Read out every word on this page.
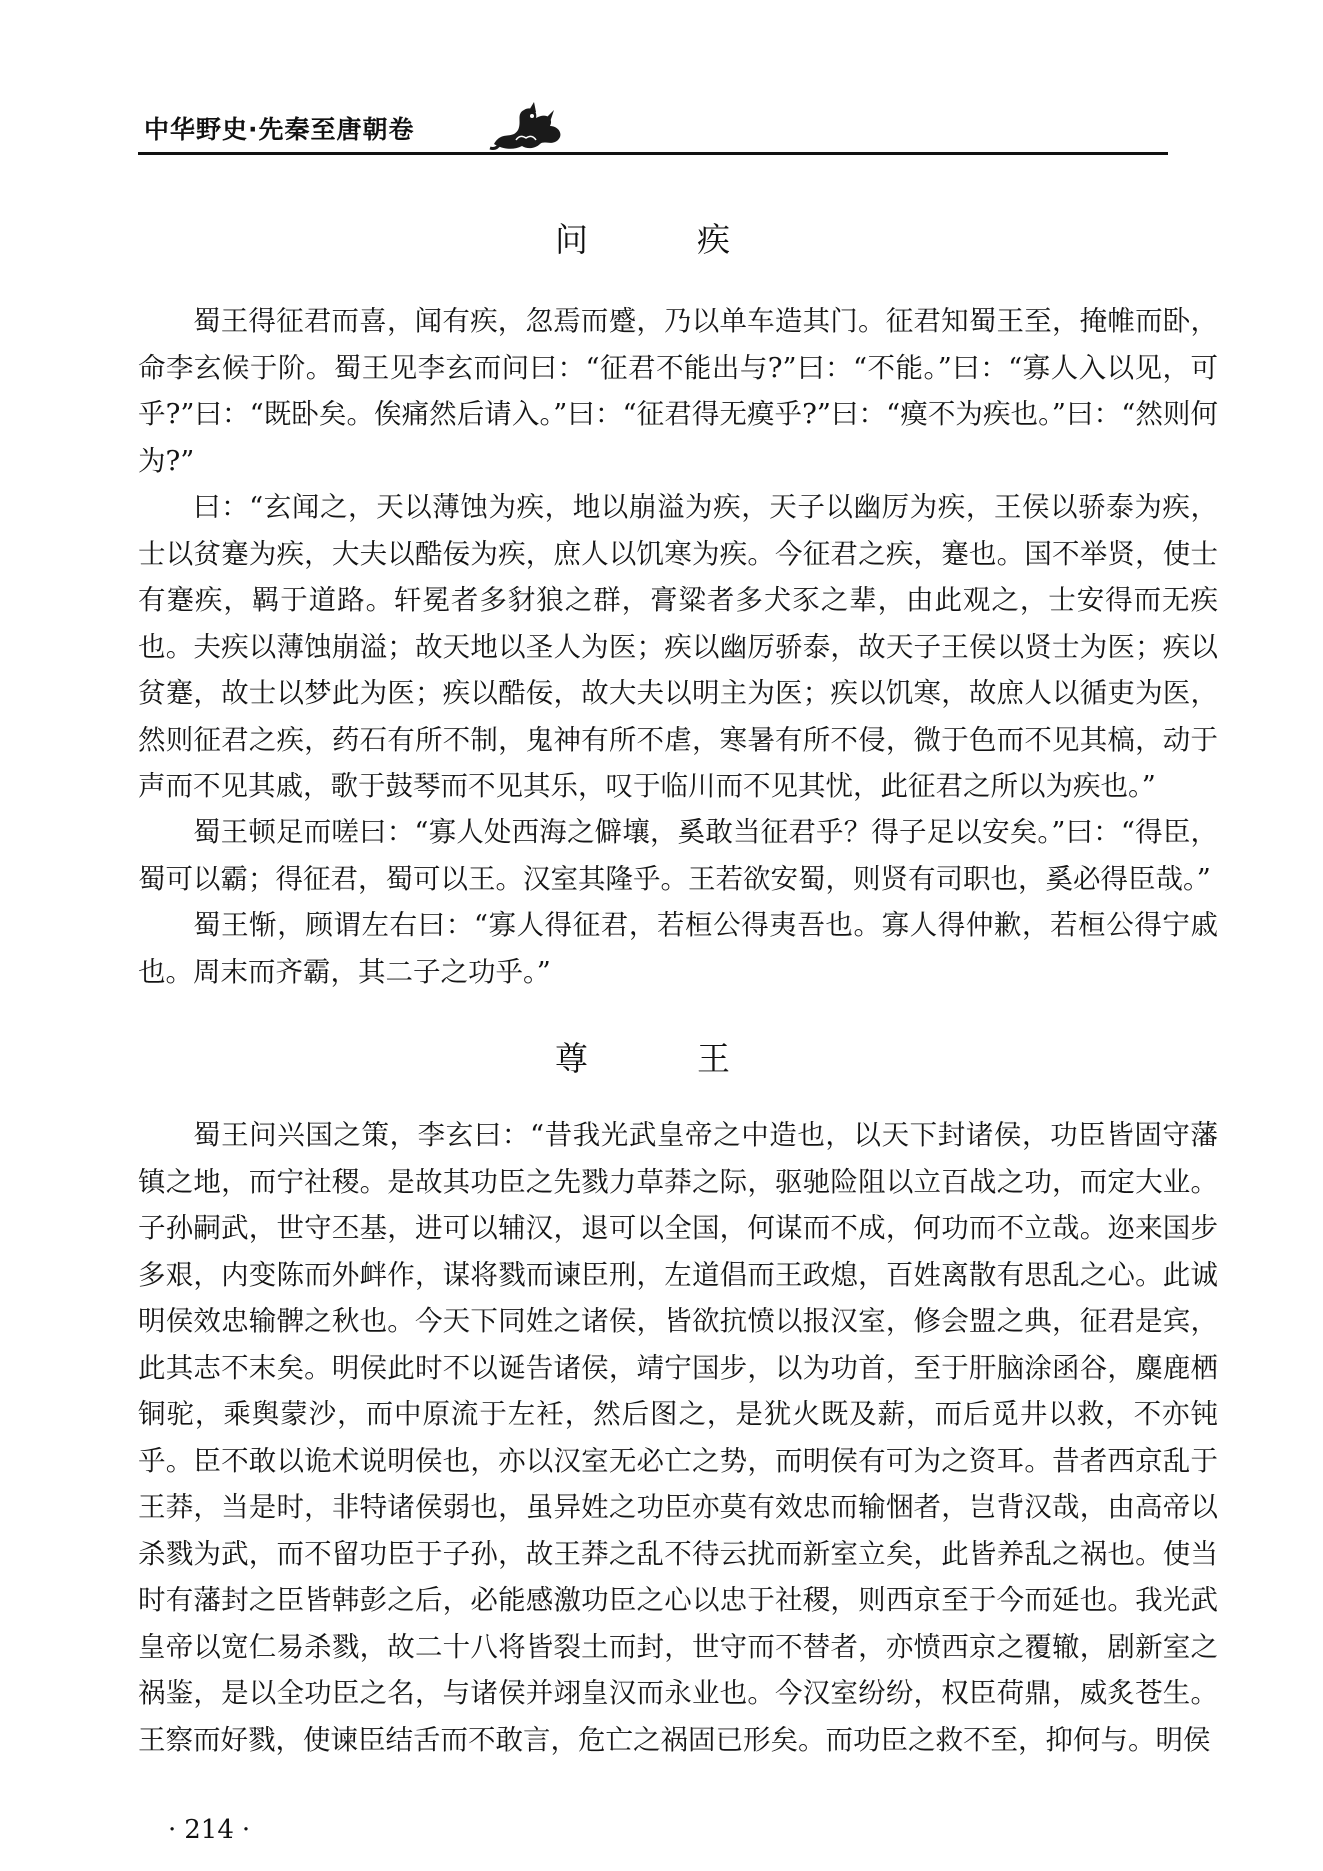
中华野史·先秦至唐朝卷
问　疾

蜀王得征君而喜，闻有疾，忽焉而蹙，乃以单车造其门。征君知蜀王至，掩帷而卧，命李玄候于阶。蜀王见李玄而问曰：“征君不能出与?”曰：“不能。”曰：“寡人入以见，可乎?”曰：“既卧矣。俟痛然后请入。”曰：“征君得无瘼乎?”曰：“瘼不为疾也。”曰：“然则何为?”

曰：“玄闻之，天以薄蚀为疾，地以崩溢为疾，天子以幽厉为疾，王侯以骄泰为疾，士以贫蹇为疾，大夫以酷佞为疾，庶人以饥寒为疾。今征君之疾，蹇也。国不举贤，使士有蹇疾，羁于道路。轩冕者多豺狼之群，膏粱者多犬豕之辈，由此观之，士安得而无疾也。夫疾以薄蚀崩溢；故天地以圣人为医；疾以幽厉骄泰，故天子王侯以贤士为医；疾以贫蹇，故士以梦此为医；疾以酷佞，故大夫以明主为医；疾以饥寒，故庶人以循吏为医，然则征君之疾，药石有所不制，鬼神有所不虐，寒暑有所不侵，微于色而不见其槁，动于声而不见其戚，歌于鼓琴而不见其乐，叹于临川而不见其忧，此征君之所以为疾也。”

蜀王顿足而嗟曰：“寡人处西海之僻壤，奚敢当征君乎？得子足以安矣。”曰：“得臣，蜀可以霸；得征君，蜀可以王。汉室其隆乎。王若欲安蜀，则贤有司职也，奚必得臣哉。”

蜀王惭，顾谓左右曰：“寡人得征君，若桓公得夷吾也。寡人得仲歉，若桓公得宁戚也。周末而齐霸，其二子之功乎。”

尊　王

蜀王问兴国之策，李玄曰：“昔我光武皇帝之中造也，以天下封诸侯，功臣皆固守藩镇之地，而宁社稷。是故其功臣之先戮力草莽之际，驱驰险阻以立百战之功，而定大业。子孙嗣武，世守丕基，进可以辅汉，退可以全国，何谋而不成，何功而不立哉。迩来国步多艰，内变陈而外衅作，谋将戮而谏臣刑，左道倡而王政熄，百姓离散有思乱之心。此诚明侯效忠输髀之秋也。今天下同姓之诸侯，皆欲抗愤以报汉室，修会盟之典，征君是宾，此其志不末矣。明侯此时不以诞告诸侯，靖宁国步，以为功首，至于肝脑涂函谷，麋鹿栖铜驼，乘舆蒙沙，而中原流于左衽，然后图之，是犹火既及薪，而后觅井以救，不亦钝乎。臣不敢以诡术说明侯也，亦以汉室无必亡之势，而明侯有可为之资耳。昔者西京乱于王莽，当是时，非特诸侯弱也，虽异姓之功臣亦莫有效忠而输悃者，岂背汉哉，由高帝以杀戮为武，而不留功臣于子孙，故王莽之乱不待云扰而新室立矣，此皆养乱之祸也。使当时有藩封之臣皆韩彭之后，必能感激功臣之心以忠于社稷，则西京至于今而延也。我光武皇帝以宽仁易杀戮，故二十八将皆裂土而封，世守而不替者，亦愤西京之覆辙，剧新室之祸鉴，是以全功臣之名，与诸侯并翊皇汉而永业也。今汉室纷纷，权臣荷鼎，威炙苍生。王察而好戮，使谏臣结舌而不敢言，危亡之祸固已形矣。而功臣之救不至，抑何与。明侯

· 214 ·
